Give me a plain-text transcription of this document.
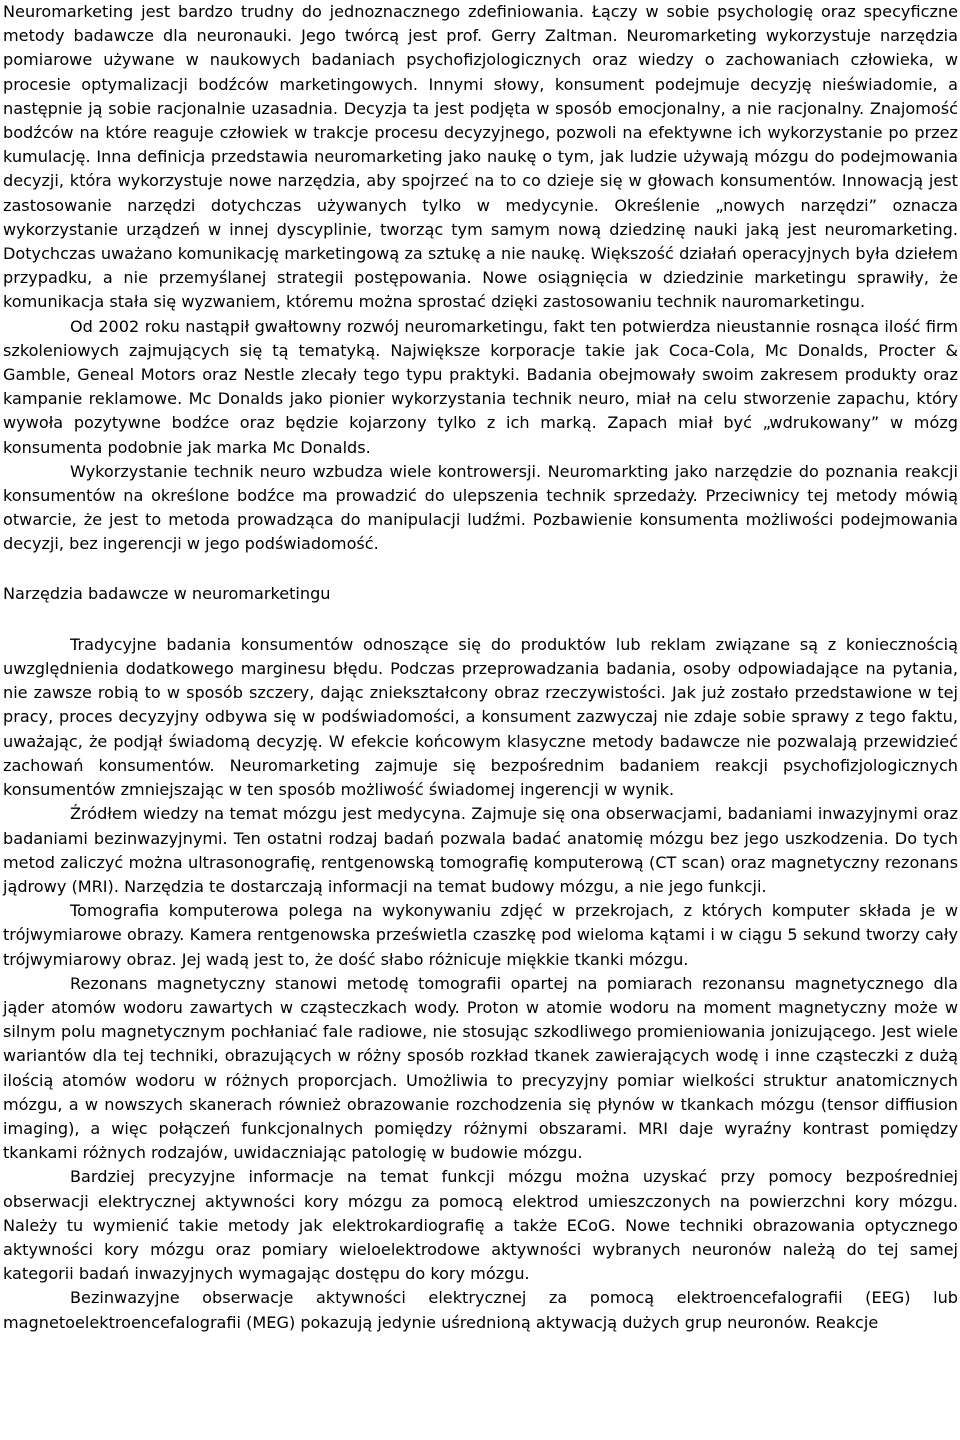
Neuromarketing jest bardzo trudny do jednoznacznego zdefiniowania. Łączy w sobie psychologię oraz specyficzne metody badawcze dla neuronauki. Jego twórcą jest prof. Gerry Zaltman. Neuromarketing wykorzystuje narzędzia pomiarowe używane w naukowych badaniach psychofizjologicznych oraz wiedzy o zachowaniach człowieka, w procesie optymalizacji bodźców marketingowych. Innymi słowy, konsument podejmuje decyzję nieświadomie, a następnie ją sobie racjonalnie uzasadnia. Decyzja ta jest podjęta w sposób emocjonalny, a nie racjonalny. Znajomość bodźców na które reaguje człowiek w trakcje procesu decyzyjnego, pozwoli na efektywne ich wykorzystanie po przez kumulację. Inna definicja przedstawia neuromarketing jako naukę o tym, jak ludzie używają mózgu do podejmowania decyzji, która wykorzystuje nowe narzędzia, aby spojrzeć na to co dzieje się w głowach konsumentów. Innowacją jest zastosowanie narzędzi dotychczas używanych tylko w medycynie. Określenie „nowych narzędzi” oznacza wykorzystanie urządzeń w innej dyscyplinie, tworząc tym samym nową dziedzinę nauki jaką jest neuromarketing. Dotychczas uważano komunikację marketingową za sztukę a nie naukę. Większość działań operacyjnych była dziełem przypadku, a nie przemyślanej strategii postępowania. Nowe osiągnięcia w dziedzinie marketingu sprawiły, że komunikacja stała się wyzwaniem, któremu można sprostać dzięki zastosowaniu technik nauromarketingu.

Od 2002 roku nastąpił gwałtowny rozwój neuromarketingu, fakt ten potwierdza nieustannie rosnąca ilość firm szkoleniowych zajmujących się tą tematyką. Największe korporacje takie jak Coca-Cola, Mc Donalds, Procter & Gamble, Geneal Motors oraz Nestle zlecały tego typu praktyki. Badania obejmowały swoim zakresem produkty oraz kampanie reklamowe. Mc Donalds jako pionier wykorzystania technik neuro, miał na celu stworzenie zapachu, który wywoła pozytywne bodźce oraz będzie kojarzony tylko z ich marką. Zapach miał być „wdrukowany” w mózg konsumenta podobnie jak marka Mc Donalds.

Wykorzystanie technik neuro wzbudza wiele kontrowersji. Neuromarkting jako narzędzie do poznania reakcji konsumentów na określone bodźce ma prowadzić do ulepszenia technik sprzedaży. Przeciwnicy tej metody mówią otwarcie, że jest to metoda prowadząca do manipulacji ludźmi. Pozbawienie konsumenta możliwości podejmowania decyzji, bez ingerencji w jego podświadomość.

Narzędzia badawcze w neuromarketingu

Tradycyjne badania konsumentów odnoszące się do produktów lub reklam związane są z koniecznością uwzględnienia dodatkowego marginesu błędu. Podczas przeprowadzania badania, osoby odpowiadające na pytania, nie zawsze robią to w sposób szczery, dając zniekształcony obraz rzeczywistości. Jak już zostało przedstawione w tej pracy, proces decyzyjny odbywa się w podświadomości, a konsument zazwyczaj nie zdaje sobie sprawy z tego faktu, uważając, że podjął świadomą decyzję. W efekcie końcowym klasyczne metody badawcze nie pozwalają przewidzieć zachowań konsumentów. Neuromarketing zajmuje się bezpośrednim badaniem reakcji psychofizjologicznych konsumentów zmniejszając w ten sposób możliwość świadomej ingerencji w wynik.

Źródłem wiedzy na temat mózgu jest medycyna. Zajmuje się ona obserwacjami, badaniami inwazyjnymi oraz badaniami bezinwazyjnymi. Ten ostatni rodzaj badań pozwala badać anatomię mózgu bez jego uszkodzenia. Do tych metod zaliczyć można ultrasonografię, rentgenowską tomografię komputerową (CT scan) oraz magnetyczny rezonans jądrowy (MRI). Narzędzia te dostarczają informacji na temat budowy mózgu, a nie jego funkcji.

Tomografia komputerowa polega na wykonywaniu zdjęć w przekrojach, z których komputer składa je w trójwymiarowe obrazy. Kamera rentgenowska prześwietla czaszkę pod wieloma kątami i w ciągu 5 sekund tworzy cały trójwymiarowy obraz. Jej wadą jest to, że dość słabo różnicuje miękkie tkanki mózgu.

Rezonans magnetyczny stanowi metodę tomografii opartej na pomiarach rezonansu magnetycznego dla jąder atomów wodoru zawartych w cząsteczkach wody. Proton w atomie wodoru na moment magnetyczny może w silnym polu magnetycznym pochłaniać fale radiowe, nie stosując szkodliwego promieniowania jonizującego. Jest wiele wariantów dla tej techniki, obrazujących w różny sposób rozkład tkanek zawierających wodę i inne cząsteczki z dużą ilością atomów wodoru w różnych proporcjach. Umożliwia to precyzyjny pomiar wielkości struktur anatomicznych mózgu, a w nowszych skanerach również obrazowanie rozchodzenia się płynów w tkankach mózgu (tensor diffiusion imaging), a więc połączeń funkcjonalnych pomiędzy różnymi obszarami. MRI daje wyraźny kontrast pomiędzy tkankami różnych rodzajów, uwidaczniając patologię w budowie mózgu.

Bardziej precyzyjne informacje na temat funkcji mózgu można uzyskać przy pomocy bezpośredniej obserwacji elektrycznej aktywności kory mózgu za pomocą elektrod umieszczonych na powierzchni kory mózgu. Należy tu wymienić takie metody jak elektrokardiografię a także ECoG. Nowe techniki obrazowania optycznego aktywności kory mózgu oraz pomiary wieloelektrodowe aktywności wybranych neuronów należą do tej samej kategorii badań inwazyjnych wymagając dostępu do kory mózgu.

Bezinwazyjne obserwacje aktywności elektrycznej za pomocą elektroencefalografii (EEG) lub magnetoelektroencefalografii (MEG) pokazują jedynie uśrednioną aktywacją dużych grup neuronów. Reakcje
